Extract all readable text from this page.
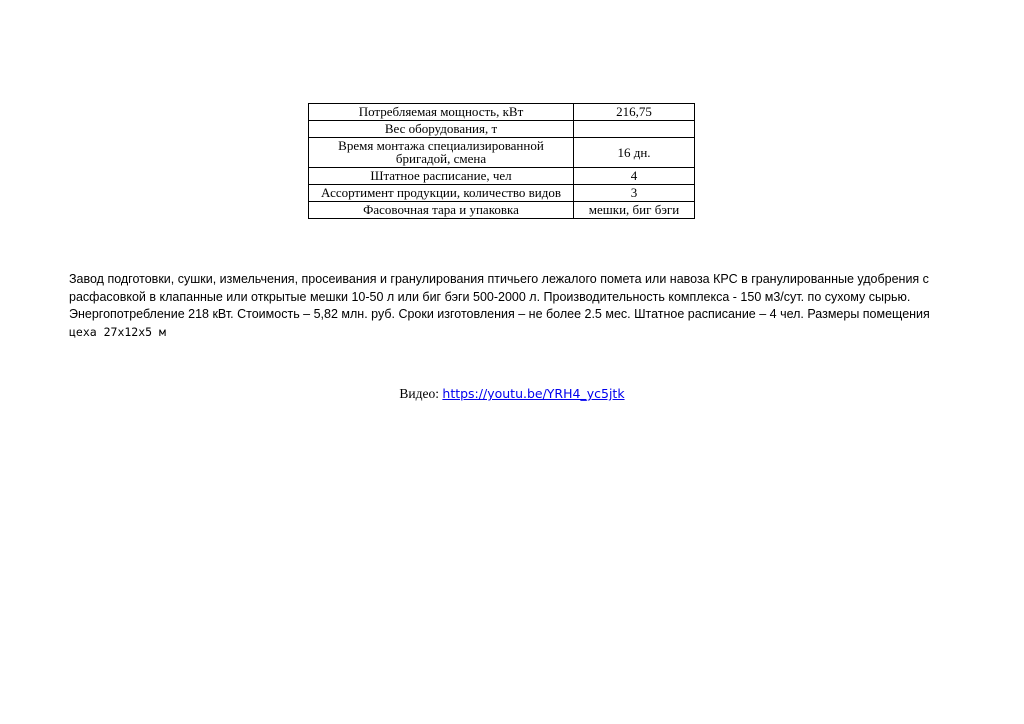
Потребляемая мощность, кВт	216,75
Вес оборудования, т	
Время монтажа специализированной бригадой, смена	16 дн.
Штатное расписание, чел	4
Ассортимент продукции, количество видов	3
Фасовочная тара и упаковка	мешки, биг бэги

Завод подготовки, сушки, измельчения, просеивания и гранулирования птичьего лежалого помета или навоза КРС в гранулированные удобрения с расфасовкой в клапанные или открытые мешки 10-50 л или биг бэги 500-2000 л. Производительность комплекса - 150 м3/сут. по сухому сырью. Энергопотребление 218 кВт. Стоимость – 5,82 млн. руб. Сроки изготовления – не более 2.5 мес. Штатное расписание – 4 чел. Размеры помещения
цеха 27х12х5 м

Видео: https://youtu.be/YRH4_yc5jtk
